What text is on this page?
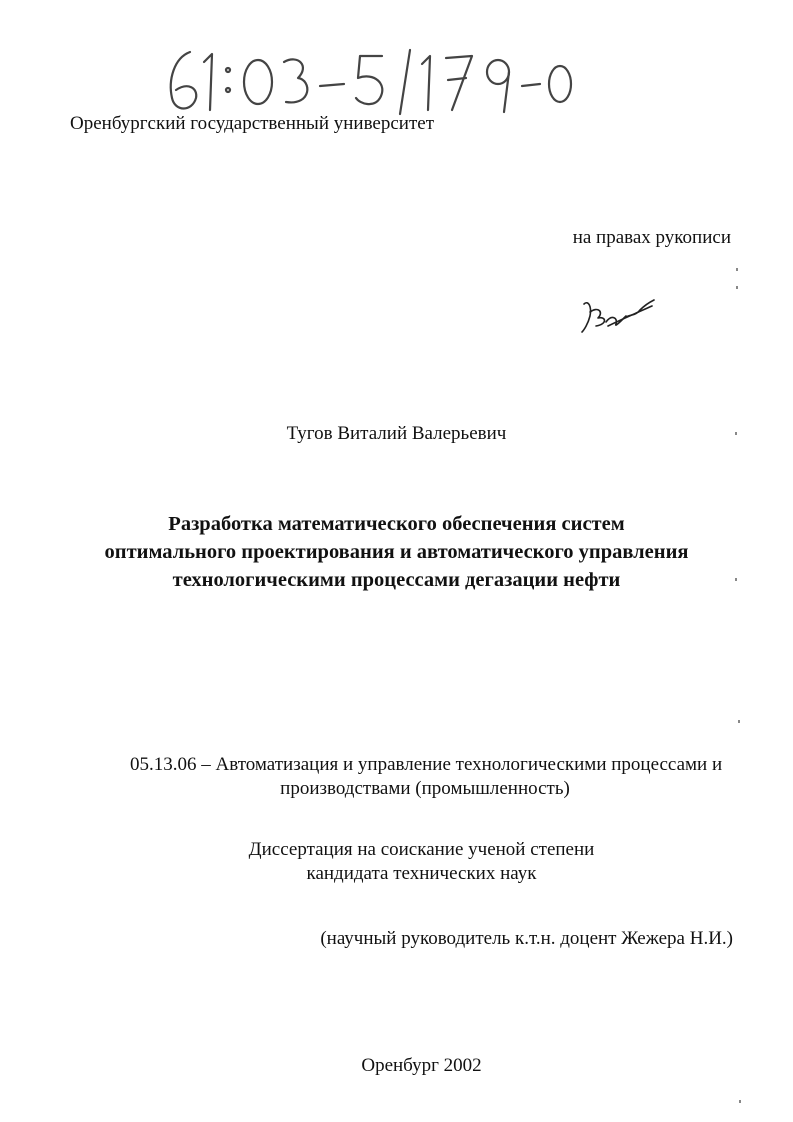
Оренбургский государственный университет
на правах рукописи
Тугов Виталий Валерьевич
Разработка математического обеспечения систем
оптимального проектирования и автоматического управления
технологическими процессами дегазации нефти
05.13.06 – Автоматизация и управление технологическими процессами и
производствами (промышленность)
Диссертация на соискание ученой степени
кандидата технических наук
(научный руководитель к.т.н. доцент Жежера Н.И.)
Оренбург 2002
